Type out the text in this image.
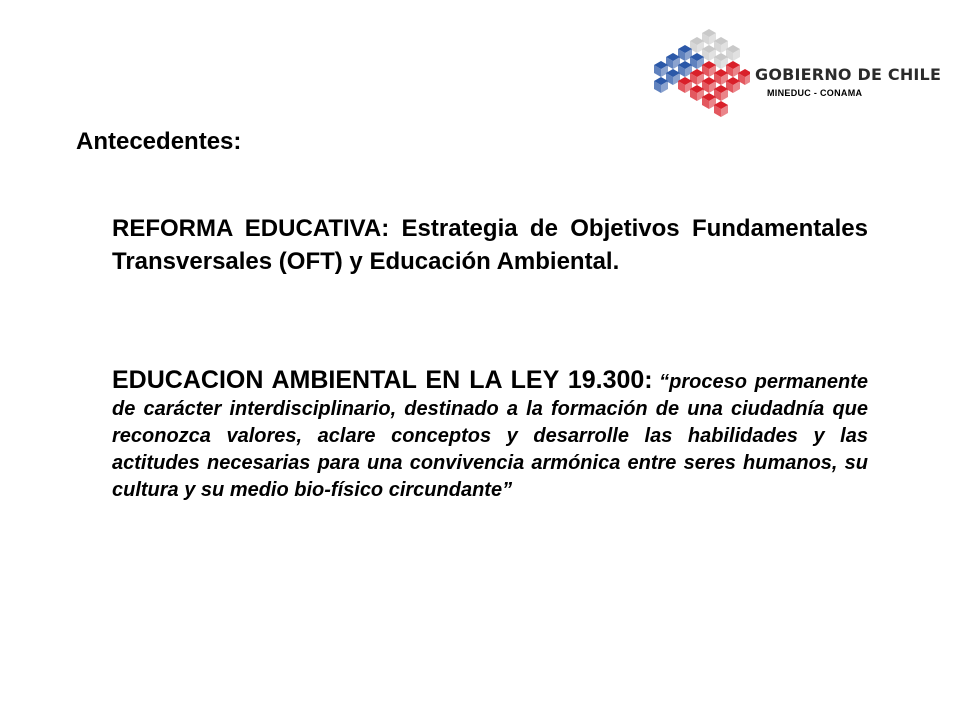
GOBIERNO DE CHILE
MINEDUC - CONAMA
Antecedentes:

REFORMA EDUCATIVA: Estrategia de Objetivos Fundamentales Transversales (OFT) y Educación Ambiental.

EDUCACION AMBIENTAL EN LA LEY 19.300: “proceso permanente de carácter interdisciplinario, destinado a la formación de una ciudadnía que reconozca valores, aclare conceptos y desarrolle las habilidades y las actitudes necesarias para una convivencia armónica entre seres humanos, su cultura y su medio bio-físico circundante”
